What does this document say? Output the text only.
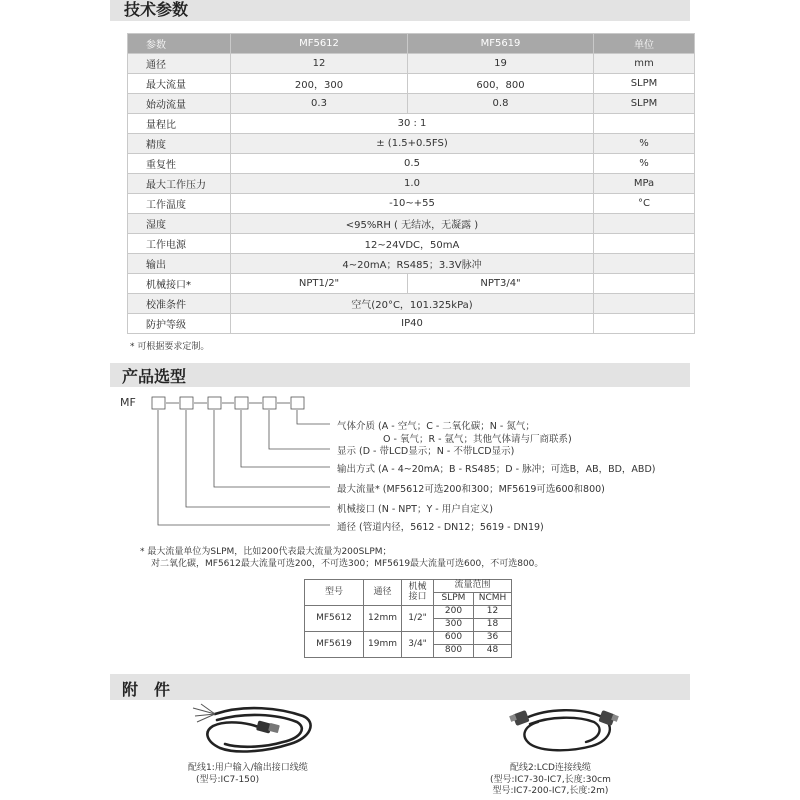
技术参数
参数	MF5612	MF5619	单位
通径	12	19	mm
最大流量	200，300	600，800	SLPM
始动流量	0.3	0.8	SLPM
量程比	30 : 1		
精度	± (1.5+0.5FS)		%
重复性	0.5		%
最大工作压力	1.0		MPa
工作温度	-10~+55		°C
湿度	<95%RH ( 无结冰，无凝露 )		
工作电源	12~24VDC，50mA		
输出	4~20mA；RS485；3.3V脉冲		
机械接口*	NPT1/2"	NPT3/4"	
校准条件	空气(20°C，101.325kPa)		
防护等级	IP40		
* 可根据要求定制。
产品选型
MF
气体介质 (A - 空气；C - 二氧化碳；N - 氮气；
O - 氧气；R - 氩气；其他气体请与厂商联系)
显示 (D - 带LCD显示；N - 不带LCD显示)
输出方式 (A - 4~20mA；B - RS485；D - 脉冲；可选B，AB，BD，ABD)
最大流量* (MF5612可选200和300；MF5619可选600和800)
机械接口 (N - NPT；Y - 用户自定义)
通径 (管道内径，5612 - DN12；5619 - DN19)
* 最大流量单位为SLPM，比如200代表最大流量为200SLPM；
对二氧化碳，MF5612最大流量可选200，不可选300；MF5619最大流量可选600，不可选800。
型号	通径	机械接口	流量范围	
			SLPM	NCMH
MF5612	12mm	1/2"	200	12
			300	18
MF5619	19mm	3/4"	600	36
			800	48
附　件
配线1:用户输入/输出接口线缆
(型号:IC7-150)
配线2:LCD连接线缆
(型号:IC7-30-IC7,长度:30cm
型号:IC7-200-IC7,长度:2m)
